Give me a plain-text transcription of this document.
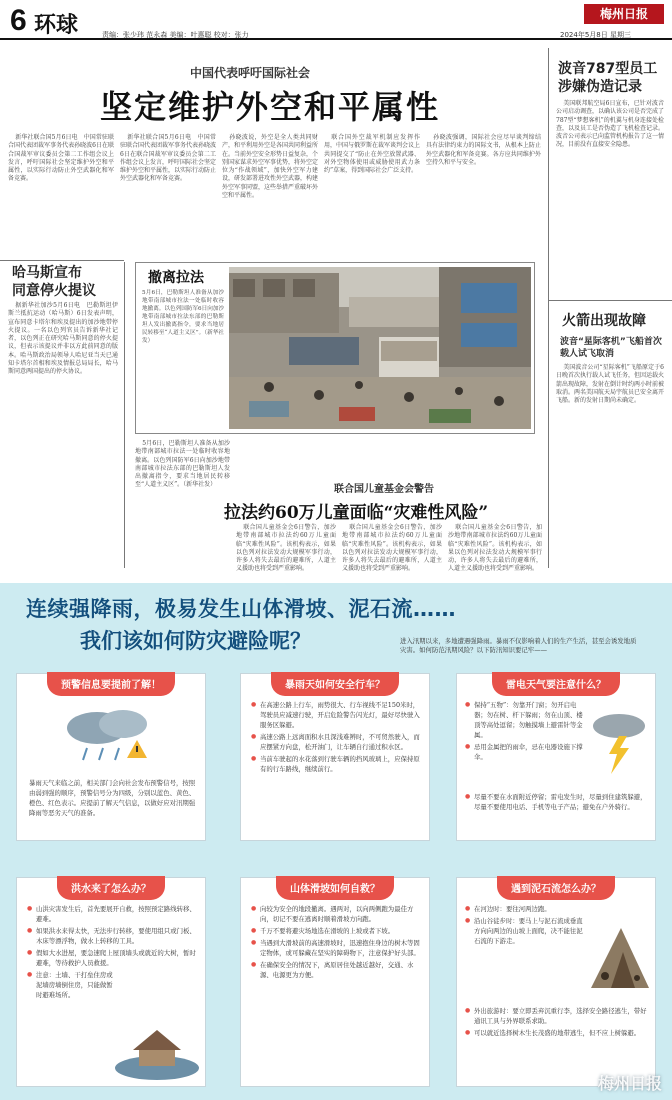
6 环球	责编：张少玮 范永森 美编：叶惠聪 校对：张力
梅州日报
2024年5月8日 星期三
中国代表呼吁国际社会
坚定维护外空和平属性

新华社联合国5月6日电　中国常驻联合国代表团裁军事务代表孙晓波6日在联合国裁军审议委员会第二工作组会议上发言，呼吁国际社会坚定维护外空和平属性，以实际行动防止外空武器化和军备竞赛。

孙晓波说，外空是全人类共同财产，和平利用外空是各国共同利益所在。当前外空安全形势日益复杂，个别国家谋求外空军事优势，将外空定位为“作战领域”，加快外空军力建设，研发部署进攻性外空武器，构建外空军事同盟，这些举措严重破坏外空和平属性。

联合国外空裁军机制应发挥作用，中国与俄罗斯在裁军谈判会议上共同提交了“防止在外空放置武器、对外空物体使用或威胁使用武力条约”草案，得到国际社会广泛支持。

孙晓波强调，国际社会应尽早谈判缔结具有法律约束力的国际文书，从根本上防止外空武器化和军备竞赛。各方应共同维护外空持久和平与安全。

哈马斯宣布
同意停火提议

据新华社加沙5月6日电　巴勒斯坦伊斯兰抵抗运动（哈马斯）6日发表声明，宣布同意卡塔尔和埃及提出的加沙地带停火提议。一名以色列官员告诉新华社记者，以色列正在研究哈马斯同意的停火提议，但表示该提议并非以方此前同意的版本。哈马斯政治局领导人哈尼亚当天已通知卡塔尔首相和埃及情报总局局长，哈马斯同意两国提出的停火协议。

新华社联合国5月6日电　中国常驻联合国代表团裁军事务代表孙晓波6日在联合国裁军审议委员会第二工作组会议上发言，呼吁国际社会坚定维护外空和平属性，以实际行动防止外空武器化和军备竞赛。

波音787型员工
涉嫌伪造记录

美国联邦航空局6日宣布，已针对波音公司启动调查，以确认该公司是否完成了787型“梦想客机”的机翼与机身连接处检查，以及员工是否伪造了飞机检查记录。波音公司表示已向监管机构报告了这一情况，目前没有直接安全隐患。

火箭出现故障
波音“星际客机”飞船首次
载人试飞取消

美国波音公司“星际客机”飞船原定于6日晚首次执行载人试飞任务，但因运载火箭出现故障，发射在倒计时约两小时前被取消。两名美国航天局宇航员已安全离开飞船。新的发射日期尚未确定。

撤离拉法
5月6日，巴勒斯坦人准备从加沙地带南部城市拉法一处临时收容地撤离。以色列国防军6日向加沙地带南部城市拉法东部的巴勒斯坦人发出撤离指令，要求当地居民转移至“人道主义区”。（新华社发）

5月6日，巴勒斯坦人准备从加沙地带南部城市拉法一处临时收容地撤离。以色列国防军6日向加沙地带南部城市拉法东部的巴勒斯坦人发出撤离指令，要求当地居民转移至“人道主义区”。（新华社发）	联合国儿童基金会警告
拉法约60万儿童面临“灾难性风险”

联合国儿童基金会6日警告，加沙地带南部城市拉法约60万儿童面临“灾难性风险”。该机构表示，如果以色列对拉法发动大规模军事行动，许多人将失去最后的避难所，人道主义援助也将受到严重影响。

联合国儿童基金会6日警告，加沙地带南部城市拉法约60万儿童面临“灾难性风险”。该机构表示，如果以色列对拉法发动大规模军事行动，许多人将失去最后的避难所，人道主义援助也将受到严重影响。

联合国儿童基金会6日警告，加沙地带南部城市拉法约60万儿童面临“灾难性风险”。该机构表示，如果以色列对拉法发动大规模军事行动，许多人将失去最后的避难所，人道主义援助也将受到严重影响。

连续强降雨，极易发生山体滑坡、泥石流……
我们该如何防灾避险呢？	进入汛期以来，多地遭遇强降雨。暴雨不仅影响着人们的生产生活，甚至会诱发地质灾害。如何防范汛期风险？以下防汛知识要记牢——
预警信息要提前了解！

暴雨天气来临之前，相关部门会向社会发布预警信号，按照由弱到强的顺序，预警信号分为四级，分别以蓝色、黄色、橙色、红色表示。应提前了解天气信息，以做好应对汛期强降雨等恶劣天气的准备。

暴雨天如何安全行车？
● 在高速公路上行车，雨势很大、行车视线不足150米时，驾驶员应减速行驶，开启危险警告闪光灯，最好尽快驶入服务区躲避。
● 高速公路上远离面积水且深浅难辨时，不可贸然驶入，而应摆紧方向盘，松开油门，让车辆自行通过积水区。
● 当前车驶起的水花落到行驶车辆的挡风玻璃上，应保持原有的行车路线，继续前行。
雷电天气要注意什么？
● 保持“五物”：勿靠开门窗；勿开启电器；勿在树、杆下躲雨；勿在山顶、楼顶等高处逗留；勿触摸墙上避雷针等金属。
● 忌用金属把的雨伞，忌在电器设施下撑伞。
● 尽量不要在水面附近停留；雷电发生时，尽量到住建筑躲避，尽量不要使用电话、手机等电子产品；避免在户外骑行。
洪水来了怎么办？
● 山洪灾害发生后，首先要展开自救，按照预定路线转移、避难。
● 如果洪水来得太快，无法步行转移，要使用组只或门板、木床等漂浮物，做水上转移的工具。
● 假如大水进屋，要急速爬上屋顶墙头或就近的大树，暂时避难，等待救护人员救援。
● 注意：土墙、干打垒住房或泥墙房墙倒住房，只能做暂时避难场所。
山体滑坡如何自救？
● 向较为安全的地段撤离。遇两对，以向两侧跑为最佳方向，切记不要在逃离时顺着滑坡方向跑。
● 千万不要将避灾场地选在滑坡的上坡或者下坡。
● 当遇到大滑坡前的高速滑坡时，迅速抱住身边的树木等固定物体，或可躲藏在坚实的障碍物下，注意保护好头部。
● 在确保安全的情况下，离原居住处越近越好，交通、水源、电源更为方便。
遇到泥石流怎么办？
● 在河边时：要往河两边跑。
● 沿山谷徒步时：要马上与泥石流成垂直方向向两边的山坡上面爬，决不能往泥石流的下游走。
● 外出旅游时：要立即丢弃沉重行李，选择安全路径逃生，带好通讯工具与外界联系求助。
● 可以就近选择树木生长茂盛的地带逃生，但不应上树躲避。
梅州日报
